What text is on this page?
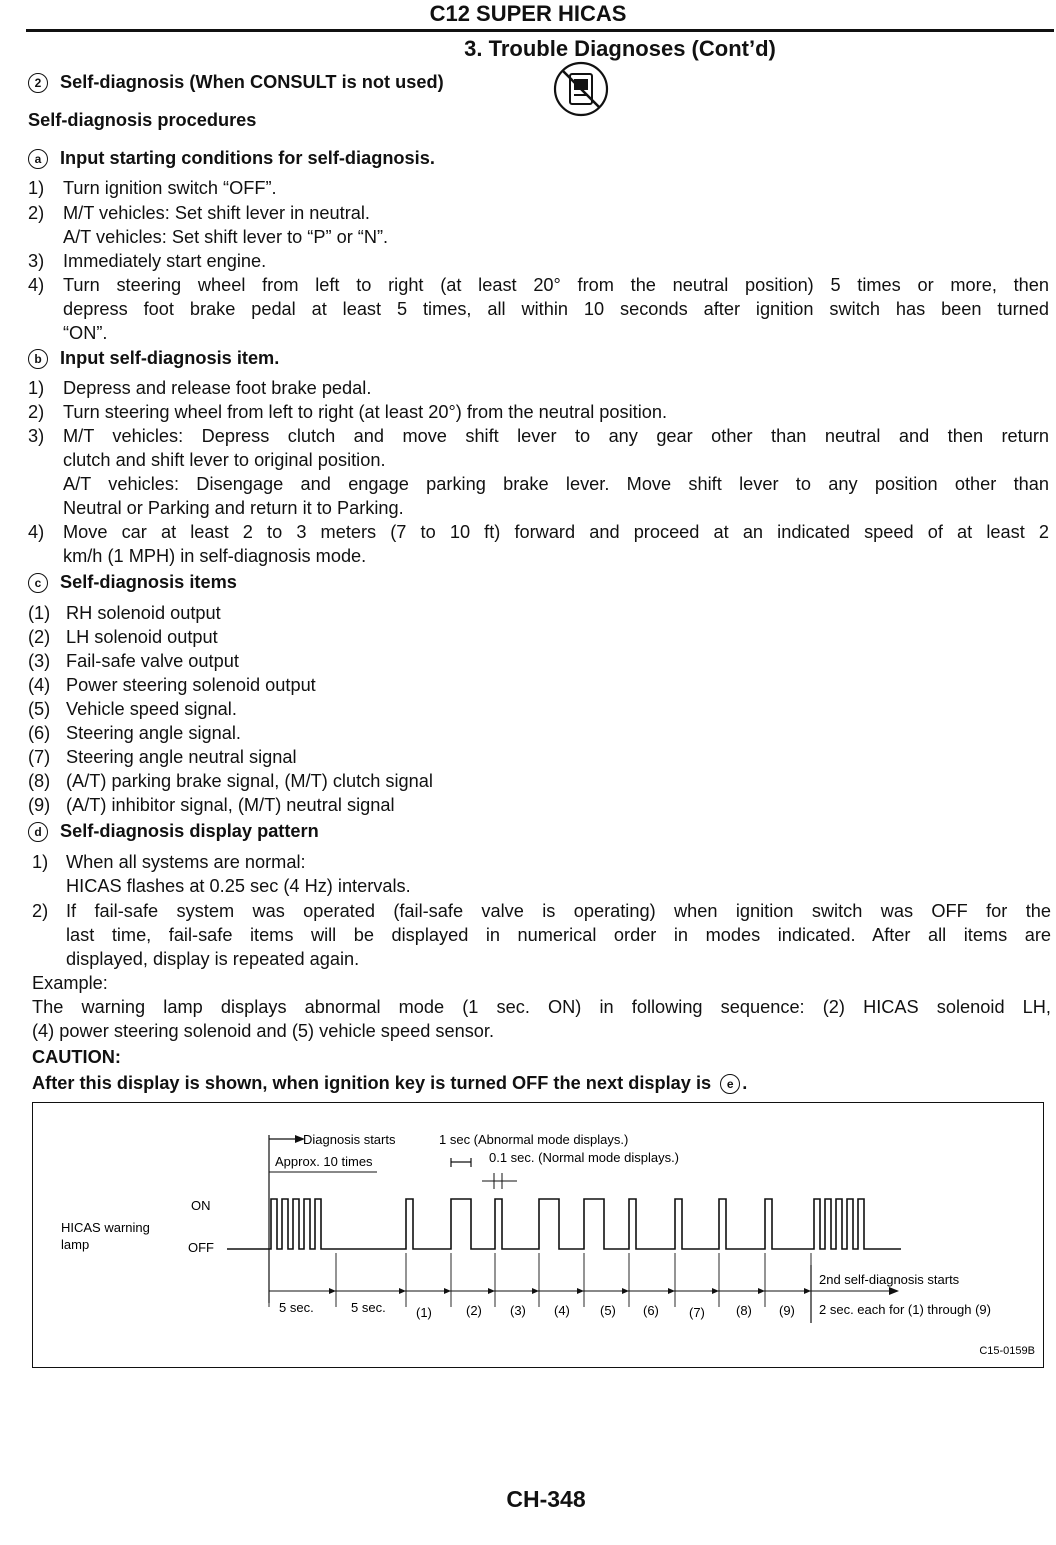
C12 SUPER HICAS
3. Trouble Diagnoses (Cont’d)
2 Self-diagnosis (When CONSULT is not used)
Self-diagnosis procedures
a Input starting conditions for self-diagnosis.
1)	Turn ignition switch “OFF”.
2)	M/T vehicles: Set shift lever in neutral.
A/T vehicles: Set shift lever to “P” or “N”.
3)	Immediately start engine.
4)	Turn steering wheel from left to right (at least 20° from the neutral position) 5 times or more, then
depress foot brake pedal at least 5 times, all within 10 seconds after ignition switch has been turned
“ON”.
b Input self-diagnosis item.
1)	Depress and release foot brake pedal.
2)	Turn steering wheel from left to right (at least 20°) from the neutral position.
3)	M/T vehicles: Depress clutch and move shift lever to any gear other than neutral and then return
clutch and shift lever to original position.
A/T vehicles: Disengage and engage parking brake lever. Move shift lever to any position other than
Neutral or Parking and return it to Parking.
4)	Move car at least 2 to 3 meters (7 to 10 ft) forward and proceed at an indicated speed of at least 2
km/h (1 MPH) in self-diagnosis mode.
c Self-diagnosis items
(1) RH solenoid output
(2) LH solenoid output
(3) Fail-safe valve output
(4) Power steering solenoid output
(5) Vehicle speed signal.
(6) Steering angle signal.
(7) Steering angle neutral signal
(8) (A/T) parking brake signal, (M/T) clutch signal
(9) (A/T) inhibitor signal, (M/T) neutral signal
d Self-diagnosis display pattern
1) When all systems are normal:
HICAS flashes at 0.25 sec (4 Hz) intervals.
2) If fail-safe system was operated (fail-safe valve is operating) when ignition switch was OFF for the
last time, fail-safe items will be displayed in numerical order in modes indicated. After all items are
displayed, display is repeated again.
Example:
The warning lamp displays abnormal mode (1 sec. ON) in following sequence: (2) HICAS solenoid LH,
(4) power steering solenoid and (5) vehicle speed sensor.
CAUTION:
After this display is shown, when ignition key is turned OFF the next display is e .
HICAS warning
lamp
ON
OFF
Diagnosis starts
Approx. 10 times
1 sec (Abnormal mode displays.)
0.1 sec. (Normal mode displays.)
2nd self-diagnosis starts
2 sec. each for (1) through (9)
5 sec.	5 sec. (1)	(2) (3) (4) (5) (6) (7) (8) (9)
C15-0159B
CH-348
